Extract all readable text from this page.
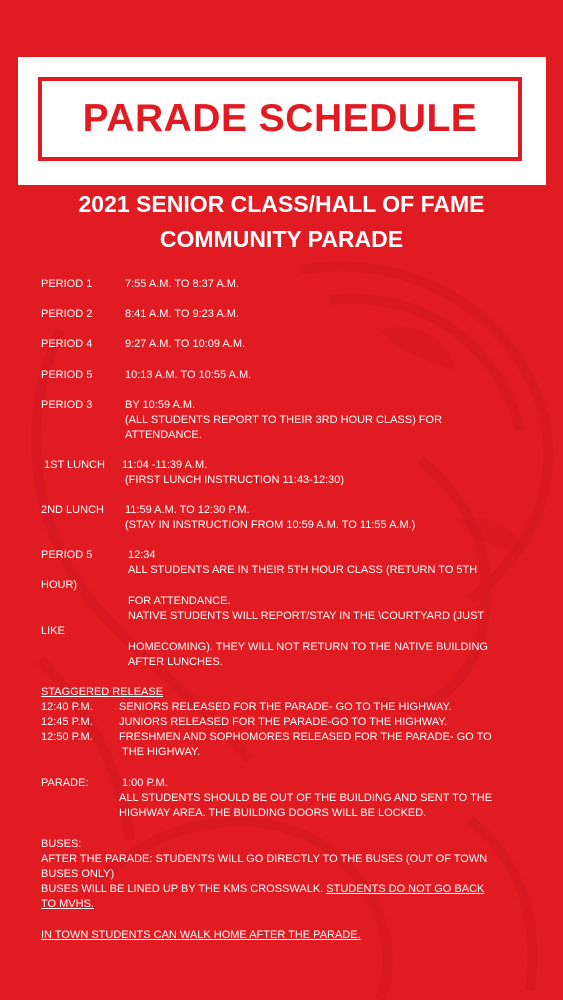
PARADE SCHEDULE
2021 SENIOR CLASS/HALL OF FAME
COMMUNITY PARADE
PERIOD 1	7:55 A.M. TO 8:37 A.M.
PERIOD 2	8:41 A.M. TO 9:23 A.M.
PERIOD 4	9:27 A.M. TO 10:09 A.M.
PERIOD 5	10:13 A.M. TO 10:55 A.M.
PERIOD 3	BY 10:59 A.M.
(ALL STUDENTS REPORT TO THEIR 3RD HOUR CLASS) FOR
ATTENDANCE.
1ST LUNCH 11:04 -11:39 A.M.
(FIRST LUNCH INSTRUCTION 11:43-12:30)
2ND LUNCH 11:59 A.M. TO 12:30 P.M.
(STAY IN INSTRUCTION FROM 10:59 A.M. TO 11:55 A.M.)
PERIOD 5	12:34
ALL STUDENTS ARE IN THEIR 5TH HOUR CLASS (RETURN TO 5TH
HOUR)
FOR ATTENDANCE.
NATIVE STUDENTS WILL REPORT/STAY IN THE \COURTYARD (JUST
LIKE
HOMECOMING). THEY WILL NOT RETURN TO THE NATIVE BUILDING
AFTER LUNCHES.
STAGGERED RELEASE
12:40 P.M. SENIORS RELEASED FOR THE PARADE- GO TO THE HIGHWAY.
12:45 P.M. JUNIORS RELEASED FOR THE PARADE-GO TO THE HIGHWAY.
12:50 P.M. FRESHMEN AND SOPHOMORES RELEASED FOR THE PARADE- GO TO
THE HIGHWAY.
PARADE:	1:00 P.M.
ALL STUDENTS SHOULD BE OUT OF THE BUILDING AND SENT TO THE
HIGHWAY AREA. THE BUILDING DOORS WILL BE LOCKED.
BUSES:
AFTER THE PARADE: STUDENTS WILL GO DIRECTLY TO THE BUSES (OUT OF TOWN
BUSES ONLY)
BUSES WILL BE LINED UP BY THE KMS CROSSWALK. STUDENTS DO NOT GO BACK
TO MVHS.
IN TOWN STUDENTS CAN WALK HOME AFTER THE PARADE.
